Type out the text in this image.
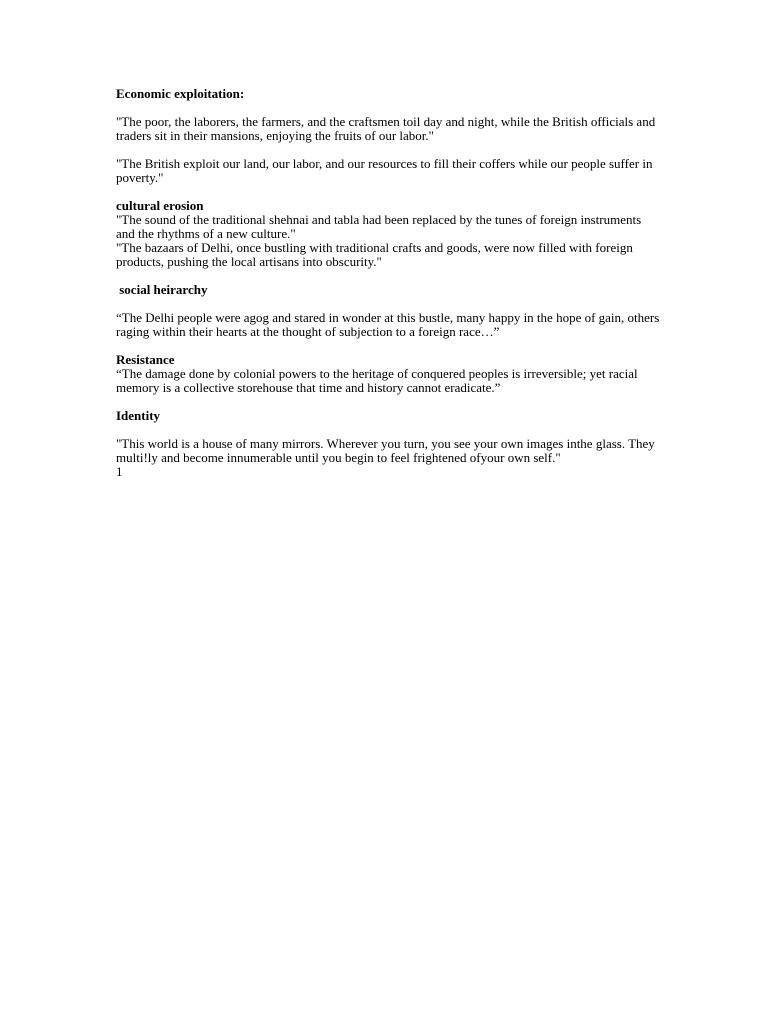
Economic exploitation:

"The poor, the laborers, the farmers, and the craftsmen toil day and night, while the British officials and traders sit in their mansions, enjoying the fruits of our labor."

"The British exploit our land, our labor, and our resources to fill their coffers while our people suffer in poverty."

cultural erosion

"The sound of the traditional shehnai and tabla had been replaced by the tunes of foreign instruments and the rhythms of a new culture."

"The bazaars of Delhi, once bustling with traditional crafts and goods, were now filled with foreign products, pushing the local artisans into obscurity."

social heirarchy

“The Delhi people were agog and stared in wonder at this bustle, many happy in the hope of gain, others raging within their hearts at the thought of subjection to a foreign race…”

Resistance

“The damage done by colonial powers to the heritage of conquered peoples is irreversible; yet racial memory is a collective storehouse that time and history cannot eradicate.”

Identity

"This world is a house of many mirrors. Wherever you turn, you see your own images inthe glass. They multi!ly and become innumerable until you begin to feel frightened ofyour own self."

1
